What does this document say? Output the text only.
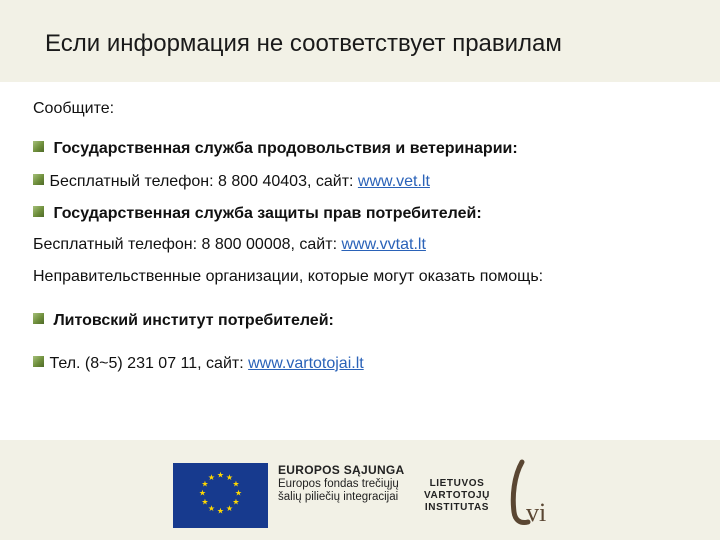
Если информация не соответствует правилам
Сообщите:
Государственная служба продовольствия и ветеринарии:
Бесплатный телефон: 8 800 40403, сайт: www.vet.lt
Государственная служба защиты прав потребителей:
Бесплатный телефон: 8 800 00008, сайт: www.vvtat.lt
Неправительственные организации, которые могут оказать помощь:
Литовский институт потребителей:
Тел. (8~5) 231 07 11, сайт: www.vartotojai.lt
★ ★
★
★
★
★
★
★
★
★
★
★
EUROPOS SĄJUNGA
Europos fondas trečiųjų
šalių piliečių integracijai
LIETUVOS
VARTOTOJŲ
INSTITUTAS vi
